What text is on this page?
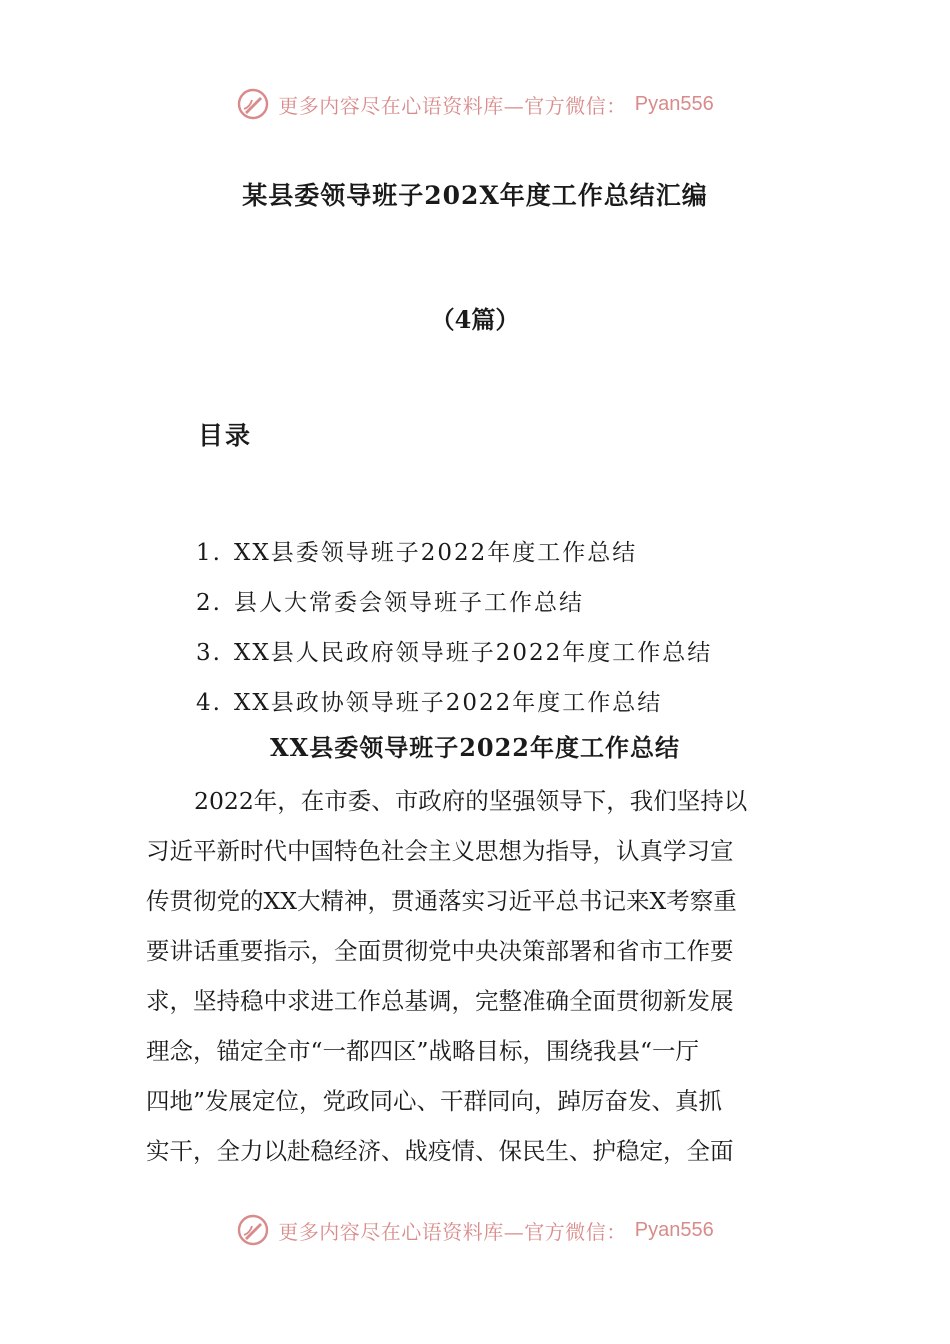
更多内容尽在心语资料库—官方微信： Pyan556
某县委领导班子202X年度工作总结汇编
（4篇）
目录
1. XX县委领导班子2022年度工作总结
2. 县人大常委会领导班子工作总结
3. XX县人民政府领导班子2022年度工作总结
4. XX县政协领导班子2022年度工作总结
XX县委领导班子2022年度工作总结
2022年，在市委、市政府的坚强领导下，我们坚持以
习近平新时代中国特色社会主义思想为指导，认真学习宣
传贯彻党的XX大精神，贯通落实习近平总书记来X考察重
要讲话重要指示，全面贯彻党中央决策部署和省市工作要
求，坚持稳中求进工作总基调，完整准确全面贯彻新发展
理念，锚定全市“一都四区”战略目标，围绕我县“一厅
四地”发展定位，党政同心、干群同向，踔厉奋发、真抓
实干，全力以赴稳经济、战疫情、保民生、护稳定，全面
更多内容尽在心语资料库—官方微信： Pyan556
